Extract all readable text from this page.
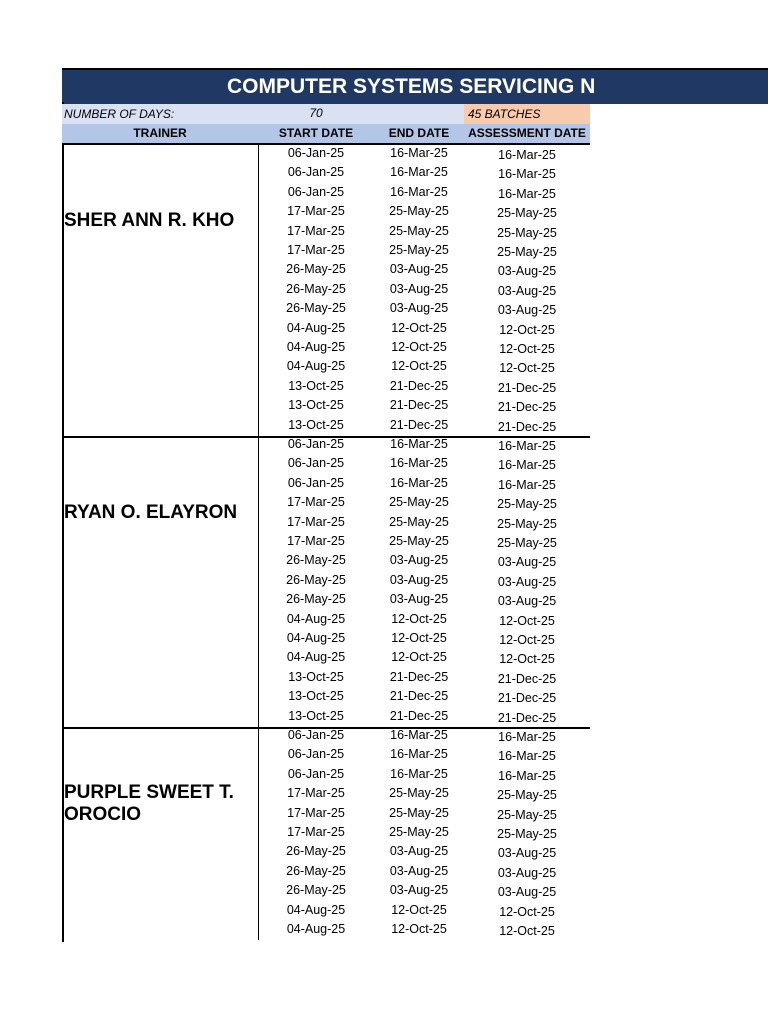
COMPUTER SYSTEMS SERVICING N
NUMBER OF DAYS:	70	45 BATCHES
TRAINER	START DATE	END DATE	ASSESSMENT DATE
SHER ANN R. KHO
06-Jan-25	16-Mar-25	16-Mar-25
06-Jan-25	16-Mar-25	16-Mar-25
06-Jan-25	16-Mar-25	16-Mar-25
17-Mar-25	25-May-25	25-May-25
17-Mar-25	25-May-25	25-May-25
17-Mar-25	25-May-25	25-May-25
26-May-25	03-Aug-25	03-Aug-25
26-May-25	03-Aug-25	03-Aug-25
26-May-25	03-Aug-25	03-Aug-25
04-Aug-25	12-Oct-25	12-Oct-25
04-Aug-25	12-Oct-25	12-Oct-25
04-Aug-25	12-Oct-25	12-Oct-25
13-Oct-25	21-Dec-25	21-Dec-25
13-Oct-25	21-Dec-25	21-Dec-25
13-Oct-25	21-Dec-25	21-Dec-25
RYAN O. ELAYRON
06-Jan-25	16-Mar-25	16-Mar-25
06-Jan-25	16-Mar-25	16-Mar-25
06-Jan-25	16-Mar-25	16-Mar-25
17-Mar-25	25-May-25	25-May-25
17-Mar-25	25-May-25	25-May-25
17-Mar-25	25-May-25	25-May-25
26-May-25	03-Aug-25	03-Aug-25
26-May-25	03-Aug-25	03-Aug-25
26-May-25	03-Aug-25	03-Aug-25
04-Aug-25	12-Oct-25	12-Oct-25
04-Aug-25	12-Oct-25	12-Oct-25
04-Aug-25	12-Oct-25	12-Oct-25
13-Oct-25	21-Dec-25	21-Dec-25
13-Oct-25	21-Dec-25	21-Dec-25
13-Oct-25	21-Dec-25	21-Dec-25
PURPLE SWEET T. OROCIO
06-Jan-25	16-Mar-25	16-Mar-25
06-Jan-25	16-Mar-25	16-Mar-25
06-Jan-25	16-Mar-25	16-Mar-25
17-Mar-25	25-May-25	25-May-25
17-Mar-25	25-May-25	25-May-25
17-Mar-25	25-May-25	25-May-25
26-May-25	03-Aug-25	03-Aug-25
26-May-25	03-Aug-25	03-Aug-25
26-May-25	03-Aug-25	03-Aug-25
04-Aug-25	12-Oct-25	12-Oct-25
04-Aug-25	12-Oct-25	12-Oct-25
